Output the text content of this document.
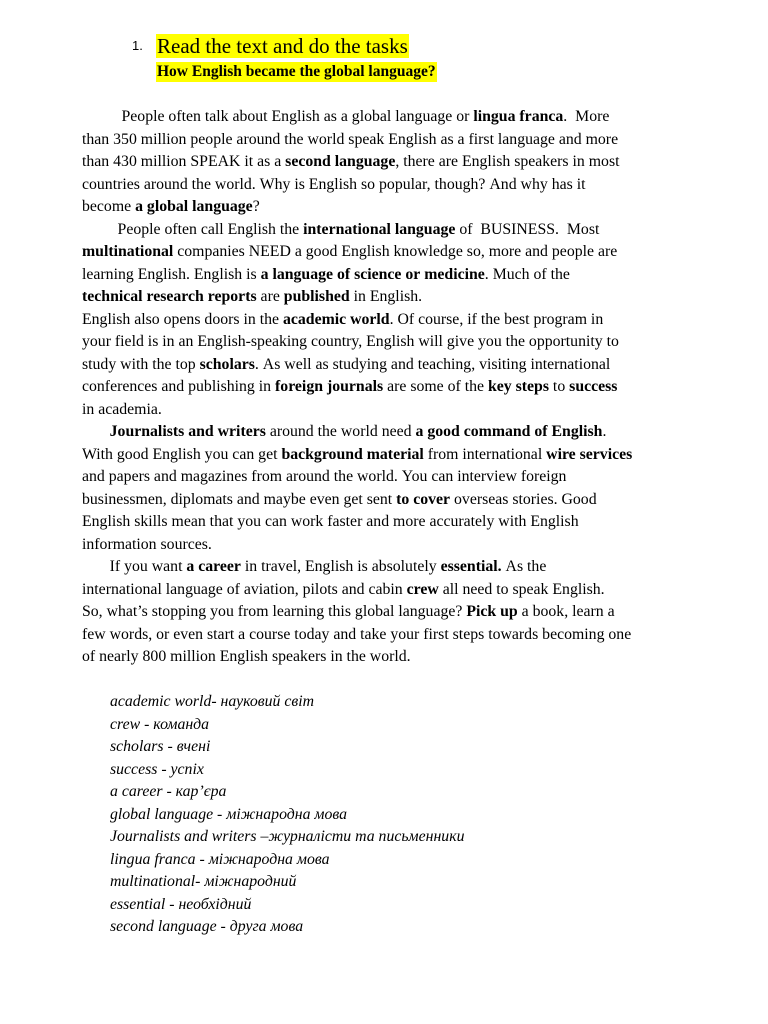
1. Read the text and do the tasks
How English became the global language?

People often talk about English as a global language or lingua franca.  More

than 350 million people around the world speak English as a first language and more

than 430 million SPEAK it as a second language, there are English speakers in most

countries around the world. Why is English so popular, though? And why has it

become a global language?

People often call English the international language of  BUSINESS.  Most

multinational companies NEED a good English knowledge so, more and people are

learning English. English is a language of science or medicine. Much of the

technical research reports are published in English.

English also opens doors in the academic world. Of course, if the best program in

your field is in an English-speaking country, English will give you the opportunity to

study with the top scholars. As well as studying and teaching, visiting international

conferences and publishing in foreign journals are some of the key steps to success

in academia.

Journalists and writers around the world need a good command of English.

With good English you can get background material from international wire services

and papers and magazines from around the world. You can interview foreign

businessmen, diplomats and maybe even get sent to cover overseas stories. Good

English skills mean that you can work faster and more accurately with English

information sources.

If you want a career in travel, English is absolutely essential. As the

international language of aviation, pilots and cabin crew all need to speak English.

So, what’s stopping you from learning this global language? Pick up a book, learn a

few words, or even start a course today and take your first steps towards becoming one

of nearly 800 million English speakers in the world.

academic world- науковий світ

crew - команда

scholars - вчені

success - успіх

a career - кар’єра

global language - міжнародна мова

Journalists and writers –журналісти та письменники

lingua franca - міжнародна мова

multinational- міжнародний

essential - необхідний

second language - друга мова
